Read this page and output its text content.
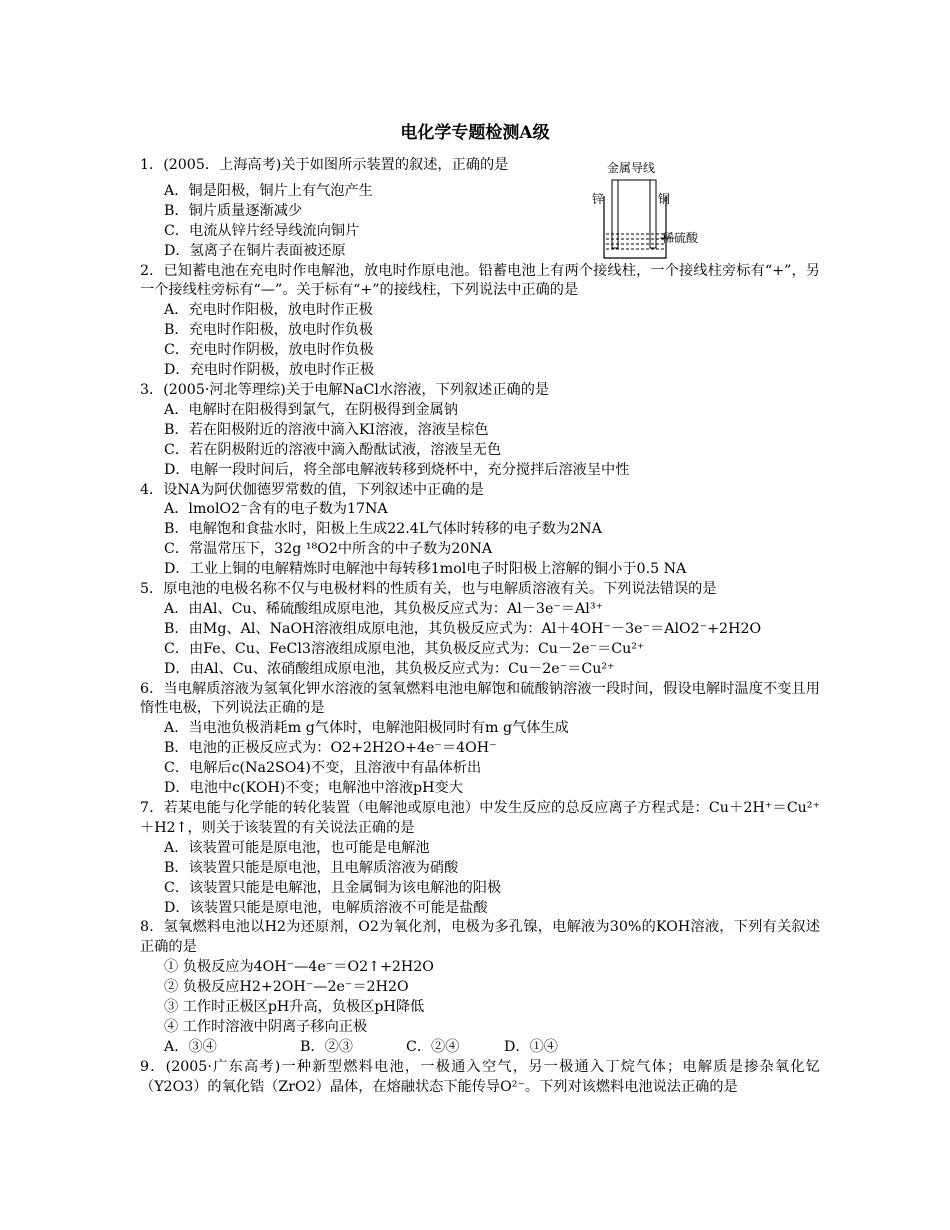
电化学专题检测A级
金属导线
锌	铜
稀硫酸

1．(2005．上海高考)关于如图所示装置的叙述，正确的是

A．铜是阳极，铜片上有气泡产生

B．铜片质量逐渐减少

C．电流从锌片经导线流向铜片

D．氢离子在铜片表面被还原

2．已知蓄电池在充电时作电解池，放电时作原电池。铅蓄电池上有两个接线柱，一个接线柱旁标有“+”，另一个接线柱旁标有“—”。关于标有“+”的接线柱，下列说法中正确的是

A．充电时作阳极，放电时作正极

B．充电时作阳极，放电时作负极

C．充电时作阴极，放电时作负极

D．充电时作阴极，放电时作正极

3．(2005·河北等理综)关于电解NaCl水溶液，下列叙述正确的是

A．电解时在阳极得到氯气，在阴极得到金属钠

B．若在阳极附近的溶液中滴入KI溶液，溶液呈棕色

C．若在阴极附近的溶液中滴入酚酞试液，溶液呈无色

D．电解一段时间后，将全部电解液转移到烧杯中，充分搅拌后溶液呈中性

4．设NA为阿伏伽德罗常数的值，下列叙述中正确的是

A．lmolO2⁻含有的电子数为17NA

B．电解饱和食盐水时，阳极上生成22.4L气体时转移的电子数为2NA

C．常温常压下，32g ¹⁸O2中所含的中子数为20NA

D．工业上铜的电解精炼时电解池中每转移1mol电子时阳极上溶解的铜小于0.5 NA

5．原电池的电极名称不仅与电极材料的性质有关，也与电解质溶液有关。下列说法错误的是

A．由Al、Cu、稀硫酸组成原电池，其负极反应式为：Al－3e⁻＝Al³⁺

B．由Mg、Al、NaOH溶液组成原电池，其负极反应式为：Al＋4OH⁻－3e⁻＝AlO2⁻+2H2O

C．由Fe、Cu、FeCl3溶液组成原电池，其负极反应式为：Cu－2e⁻＝Cu²⁺

D．由Al、Cu、浓硝酸组成原电池，其负极反应式为：Cu－2e⁻＝Cu²⁺

6．当电解质溶液为氢氧化钾水溶液的氢氧燃料电池电解饱和硫酸钠溶液一段时间，假设电解时温度不变且用惰性电极，下列说法正确的是

A．当电池负极消耗m g气体时，电解池阳极同时有m g气体生成

B．电池的正极反应式为：O2+2H2O+4e⁻＝4OH⁻

C．电解后c(Na2SO4)不变，且溶液中有晶体析出

D．电池中c(KOH)不变；电解池中溶液pH变大

7．若某电能与化学能的转化装置（电解池或原电池）中发生反应的总反应离子方程式是：Cu＋2H⁺＝Cu²⁺＋H2↑，则关于该装置的有关说法正确的是

A．该装置可能是原电池，也可能是电解池

B．该装置只能是原电池，且电解质溶液为硝酸

C．该装置只能是电解池，且金属铜为该电解池的阳极

D．该装置只能是原电池，电解质溶液不可能是盐酸

8．氢氧燃料电池以H2为还原剂，O2为氧化剂，电极为多孔镍，电解液为30%的KOH溶液，下列有关叙述正确的是

① 负极反应为4OH⁻—4e⁻＝O2↑+2H2O

② 负极反应H2+2OH⁻—2e⁻＝2H2O

③ 工作时正极区pH升高，负极区pH降低

④ 工作时溶液中阴离子移向正极

A．③④	B．②③	C．②④	D．①④

9．(2005·广东高考)一种新型燃料电池，一极通入空气，另一极通入丁烷气体；电解质是掺杂氧化钇（Y2O3）的氧化锆（ZrO2）晶体，在熔融状态下能传导O²⁻。下列对该燃料电池说法正确的是
